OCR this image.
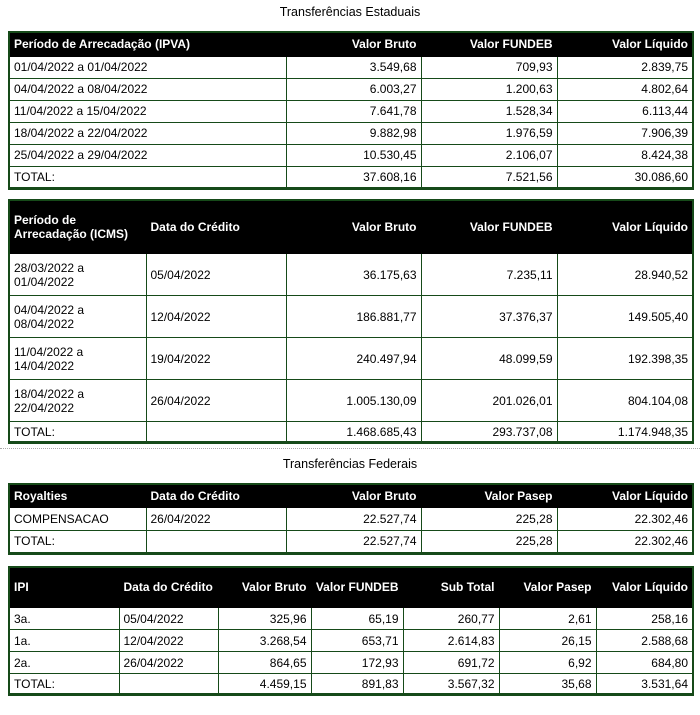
Transferências Estaduais
Período de Arrecadação (IPVA)	Valor Bruto	Valor FUNDEB	Valor Líquido
01/04/2022 a 01/04/2022	3.549,68	709,93	2.839,75
04/04/2022 a 08/04/2022	6.003,27	1.200,63	4.802,64
11/04/2022 a 15/04/2022	7.641,78	1.528,34	6.113,44
18/04/2022 a 22/04/2022	9.882,98	1.976,59	7.906,39
25/04/2022 a 29/04/2022	10.530,45	2.106,07	8.424,38
TOTAL:	37.608,16	7.521,56	30.086,60
Período de Arrecadação (ICMS)	Data do Crédito	Valor Bruto	Valor FUNDEB	Valor Líquido
28/03/2022 a 01/04/2022	05/04/2022	36.175,63	7.235,11	28.940,52
04/04/2022 a 08/04/2022	12/04/2022	186.881,77	37.376,37	149.505,40
11/04/2022 a 14/04/2022	19/04/2022	240.497,94	48.099,59	192.398,35
18/04/2022 a 22/04/2022	26/04/2022	1.005.130,09	201.026,01	804.104,08
TOTAL:		1.468.685,43	293.737,08	1.174.948,35
Transferências Federais
Royalties	Data do Crédito	Valor Bruto	Valor Pasep	Valor Líquido
COMPENSACAO	26/04/2022	22.527,74	225,28	22.302,46
TOTAL:		22.527,74	225,28	22.302,46
IPI	Data do Crédito	Valor Bruto	Valor FUNDEB	Sub Total	Valor Pasep	Valor Líquido
3a.	05/04/2022	325,96	65,19	260,77	2,61	258,16
1a.	12/04/2022	3.268,54	653,71	2.614,83	26,15	2.588,68
2a.	26/04/2022	864,65	172,93	691,72	6,92	684,80
TOTAL:		4.459,15	891,83	3.567,32	35,68	3.531,64
